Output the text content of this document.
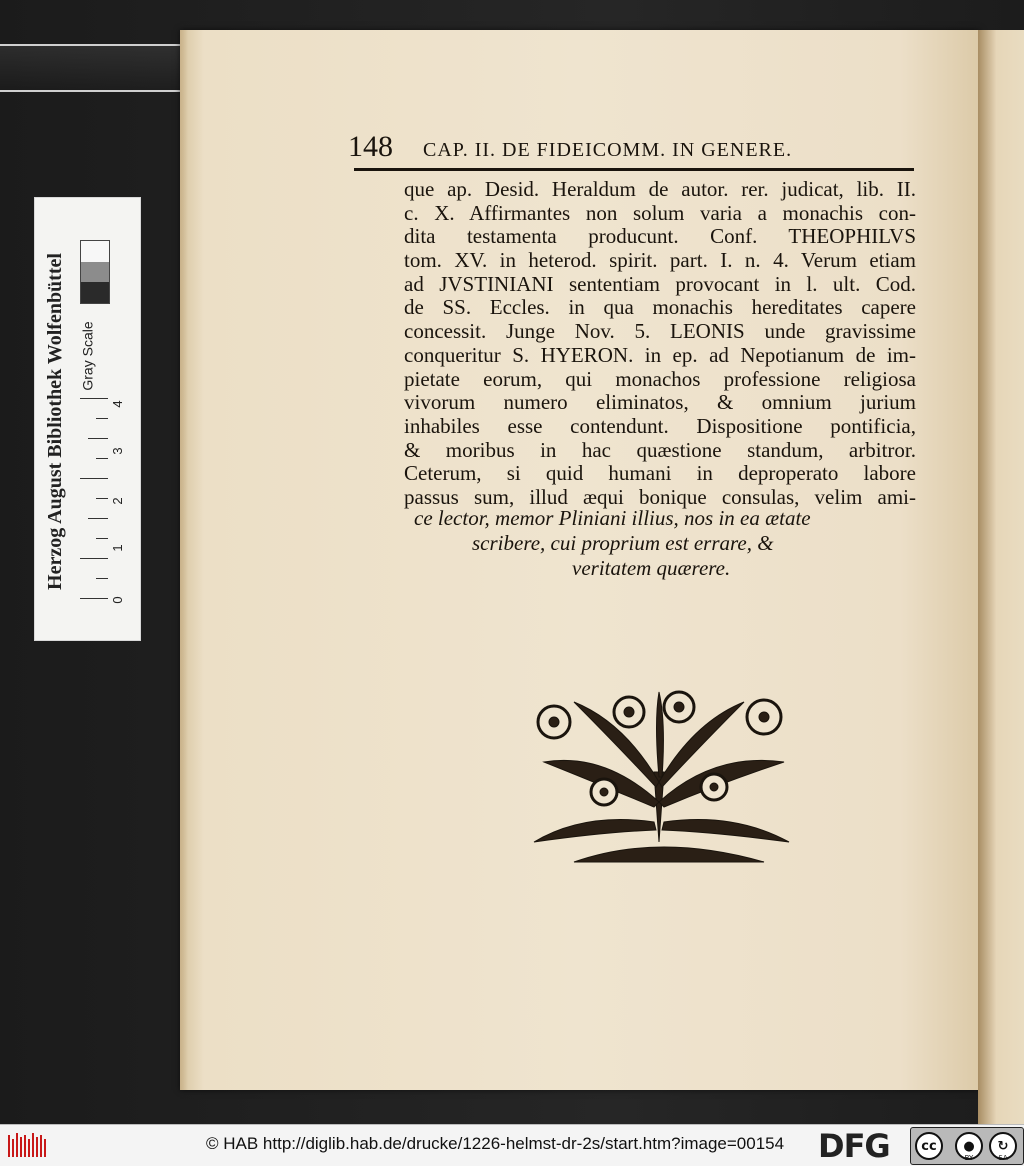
Herzog August Bibliothek Wolfenbüttel Gray Scale
0
1
2
3
4
148 CAP. II. DE FIDEICOMM. IN GENERE.
que ap. Desid. Heraldum de autor. rer. judicat, lib. II.
c. X. Affirmantes non solum varia a monachis con-
dita testamenta producunt. Conf. THEOPHILVS
tom. XV. in heterod. spirit. part. I. n. 4. Verum etiam
ad JVSTINIANI sententiam provocant in l. ult. Cod.
de SS. Eccles. in qua monachis hereditates capere
concessit. Junge Nov. 5. LEONIS unde gravissime
conqueritur S. HYERON. in ep. ad Nepotianum de im-
pietate eorum, qui monachos professione religiosa
vivorum numero eliminatos, & omnium jurium
inhabiles esse contendunt. Dispositione pontificia,
& moribus in hac quæstione standum, arbitror.
Ceterum, si quid humani in deproperato labore
passus sum, illud æqui bonique consulas, velim ami-
ce lector, memor Pliniani illius, nos in ea ætate
scribere, cui proprium est errare, &
veritatem quærere.
© HAB http://diglib.hab.de/drucke/1226-helmst-dr-2s/start.htm?image=00154	DFG	cc	●
BY
↻
SA
